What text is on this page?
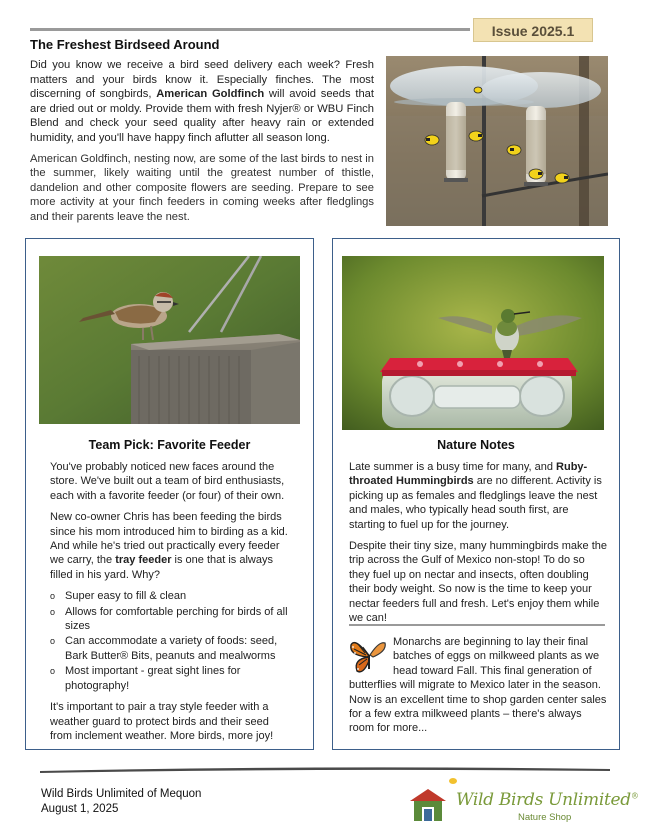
Issue 2025.1
The Freshest Birdseed Around

Did you know we receive a bird seed delivery each week? Fresh matters and your birds know it. Especially finches. The most discerning of songbirds, American Goldfinch will avoid seeds that are dried out or moldy. Provide them with fresh Nyjer® or WBU Finch Blend and check your seed quality after heavy rain or extended humidity, and you'll have happy finch aflutter all season long.

American Goldfinch, nesting now, are some of the last birds to nest in the summer, likely waiting until the greatest number of thistle, dandelion and other composite flowers are seeding. Prepare to see more activity at your finch feeders in coming weeks after fledglings and their parents leave the nest.

Team Pick: Favorite Feeder

You've probably noticed new faces around the store. We've built out a team of bird enthusiasts, each with a favorite feeder (or four) of their own.

New co-owner Chris has been feeding the birds since his mom introduced him to birding as a kid. And while he's tried out practically every feeder we carry, the tray feeder is one that is always filled in his yard. Why?

o Super easy to fill & clean
o Allows for comfortable perching for birds of all sizes
o Can accommodate a variety of foods: seed, Bark Butter® Bits, peanuts and mealworms
o Most important - great sight lines for photography!

It's important to pair a tray style feeder with a weather guard to protect birds and their seed from inclement weather. More birds, more joy!

Nature Notes

Late summer is a busy time for many, and Ruby-throated Hummingbirds are no different. Activity is picking up as females and fledglings leave the nest and males, who typically head south first, are starting to fuel up for the journey.

Despite their tiny size, many hummingbirds make the trip across the Gulf of Mexico non-stop! To do so they fuel up on nectar and insects, often doubling their body weight. So now is the time to keep your nectar feeders full and fresh. Let's enjoy them while we can!

Monarchs are beginning to lay their final batches of eggs on milkweed plants as we head toward Fall. This final generation of butterflies will migrate to Mexico later in the season. Now is an excellent time to shop garden center sales for a few extra milkweed plants – there's always room for more...
Wild Birds Unlimited of Mequon
August 1, 2025	Wild Birds Unlimited®
Nature Shop
